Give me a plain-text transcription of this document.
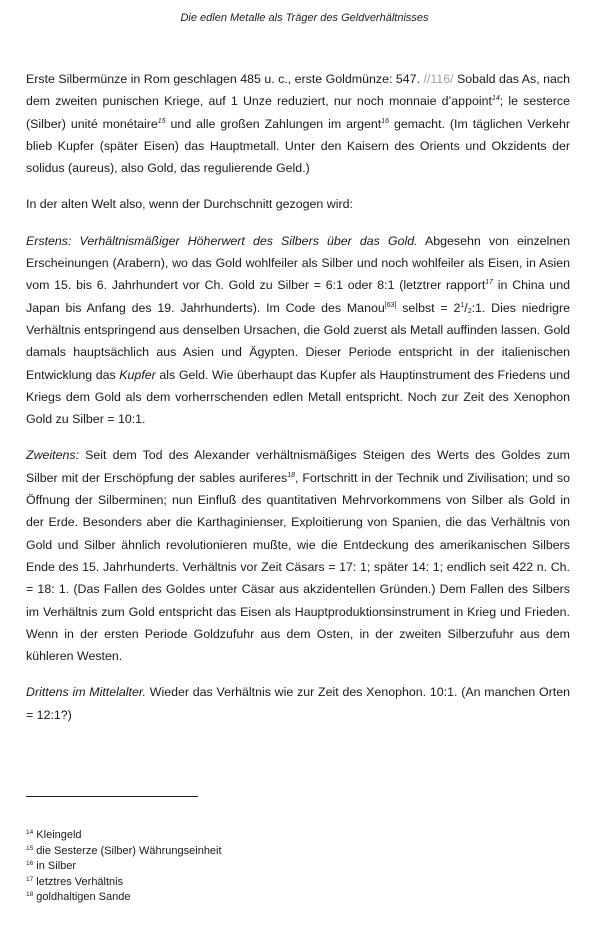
Die edlen Metalle als Träger des Geldverhältnisses

Erste Silbermünze in Rom geschlagen 485 u. c., erste Goldmünze: 547. //116/ Sobald das As, nach dem zweiten punischen Kriege, auf 1 Unze reduziert, nur noch monnaie d’appoint$^{14}$; le sesterce (Silber) unité monétaire$^{15}$ und alle großen Zahlungen im argent$^{16}$ gemacht. (Im täglichen Verkehr blieb Kupfer (später Eisen) das Hauptmetall. Unter den Kaisern des Orients und Okzidents der solidus (aureus), also Gold, das regulierende Geld.)

In der alten Welt also, wenn der Durchschnitt gezogen wird:

Erstens: Verhältnismäßiger Höherwert des Silbers über das Gold. Abgesehn von einzelnen Erscheinungen (Arabern), wo das Gold wohlfeiler als Silber und noch wohlfeiler als Eisen, in Asien vom 15. bis 6. Jahrhundert vor Ch. Gold zu Silber = 6:1 oder 8:1 (letztrer rapport$^{17}$ in China und Japan bis Anfang des 19. Jahrhunderts). Im Code des Manou[63] selbst = $2^1/_2:1$. Dies niedrigre Verhältnis entspringend aus denselben Ursachen, die Gold zuerst als Metall auffinden lassen. Gold damals hauptsächlich aus Asien und Ägypten. Dieser Periode entspricht in der italienischen Entwicklung das Kupfer als Geld. Wie überhaupt das Kupfer als Hauptinstrument des Friedens und Kriegs dem Gold als dem vorherrschenden edlen Metall entspricht. Noch zur Zeit des Xenophon Gold zu Silber = 10:1.

Zweitens: Seit dem Tod des Alexander verhältnismäßiges Steigen des Werts des Goldes zum Silber mit der Erschöpfung der sables auriferes$^{18}$, Fortschritt in der Technik und Zivilisation; und so Öffnung der Silberminen; nun Einfluß des quantitativen Mehrvorkommens von Silber als Gold in der Erde. Besonders aber die Karthaginienser, Exploitierung von Spanien, die das Verhältnis von Gold und Silber ähnlich revolutionieren mußte, wie die Entdeckung des amerikanischen Silbers Ende des 15. Jahrhunderts. Verhältnis vor Zeit Cäsars = 17: 1; später 14: 1; endlich seit 422 n. Ch. = 18: 1. (Das Fallen des Goldes unter Cäsar aus akzidentellen Gründen.) Dem Fallen des Silbers im Verhältnis zum Gold entspricht das Eisen als Hauptproduktionsinstrument in Krieg und Frieden. Wenn in der ersten Periode Goldzufuhr aus dem Osten, in der zweiten Silberzufuhr aus dem kühleren Westen.

Drittens im Mittelalter. Wieder das Verhältnis wie zur Zeit des Xenophon. 10:1. (An manchen Orten = 12:1?)

$^{14}$ Kleingeld
$^{15}$ die Sesterze (Silber) Währungseinheit
$^{16}$ in Silber
$^{17}$ letztres Verhältnis
$^{18}$ goldhaltigen Sande
